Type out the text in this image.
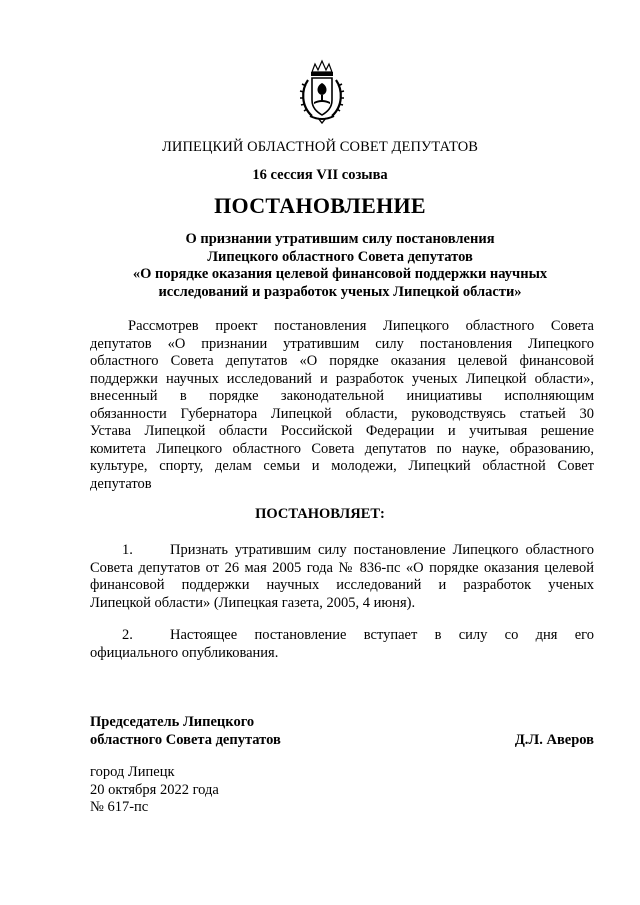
ЛИПЕЦКИЙ ОБЛАСТНОЙ СОВЕТ ДЕПУТАТОВ
16 сессия VII созыва
ПОСТАНОВЛЕНИЕ
О признании утратившим силу постановления
Липецкого областного Совета депутатов
«О порядке оказания целевой финансовой поддержки научных
исследований и разработок ученых Липецкой области»
Рассмотрев проект постановления Липецкого областного Совета
депутатов «О признании утратившим силу постановления Липецкого
областного Совета депутатов «О порядке оказания целевой финансовой
поддержки научных исследований и разработок ученых Липецкой области»,
внесенный в порядке законодательной инициативы исполняющим
обязанности Губернатора Липецкой области, руководствуясь статьей 30
Устава Липецкой области Российской Федерации и учитывая решение
комитета Липецкого областного Совета депутатов по науке, образованию,
культуре, спорту, делам семьи и молодежи, Липецкий областной Совет
депутатов
ПОСТАНОВЛЯЕТ:
1.	Признать утратившим силу постановление Липецкого областного
Совета депутатов от 26 мая 2005 года № 836-пс «О порядке оказания целевой
финансовой поддержки научных исследований и разработок ученых
Липецкой области» (Липецкая газета, 2005, 4 июня).
2.	Настоящее постановление вступает в силу со дня его
официального опубликования.
Председатель Липецкого
областного Совета депутатов	Д.Л. Аверов
город Липецк
20 октября 2022 года
№ 617-пс
